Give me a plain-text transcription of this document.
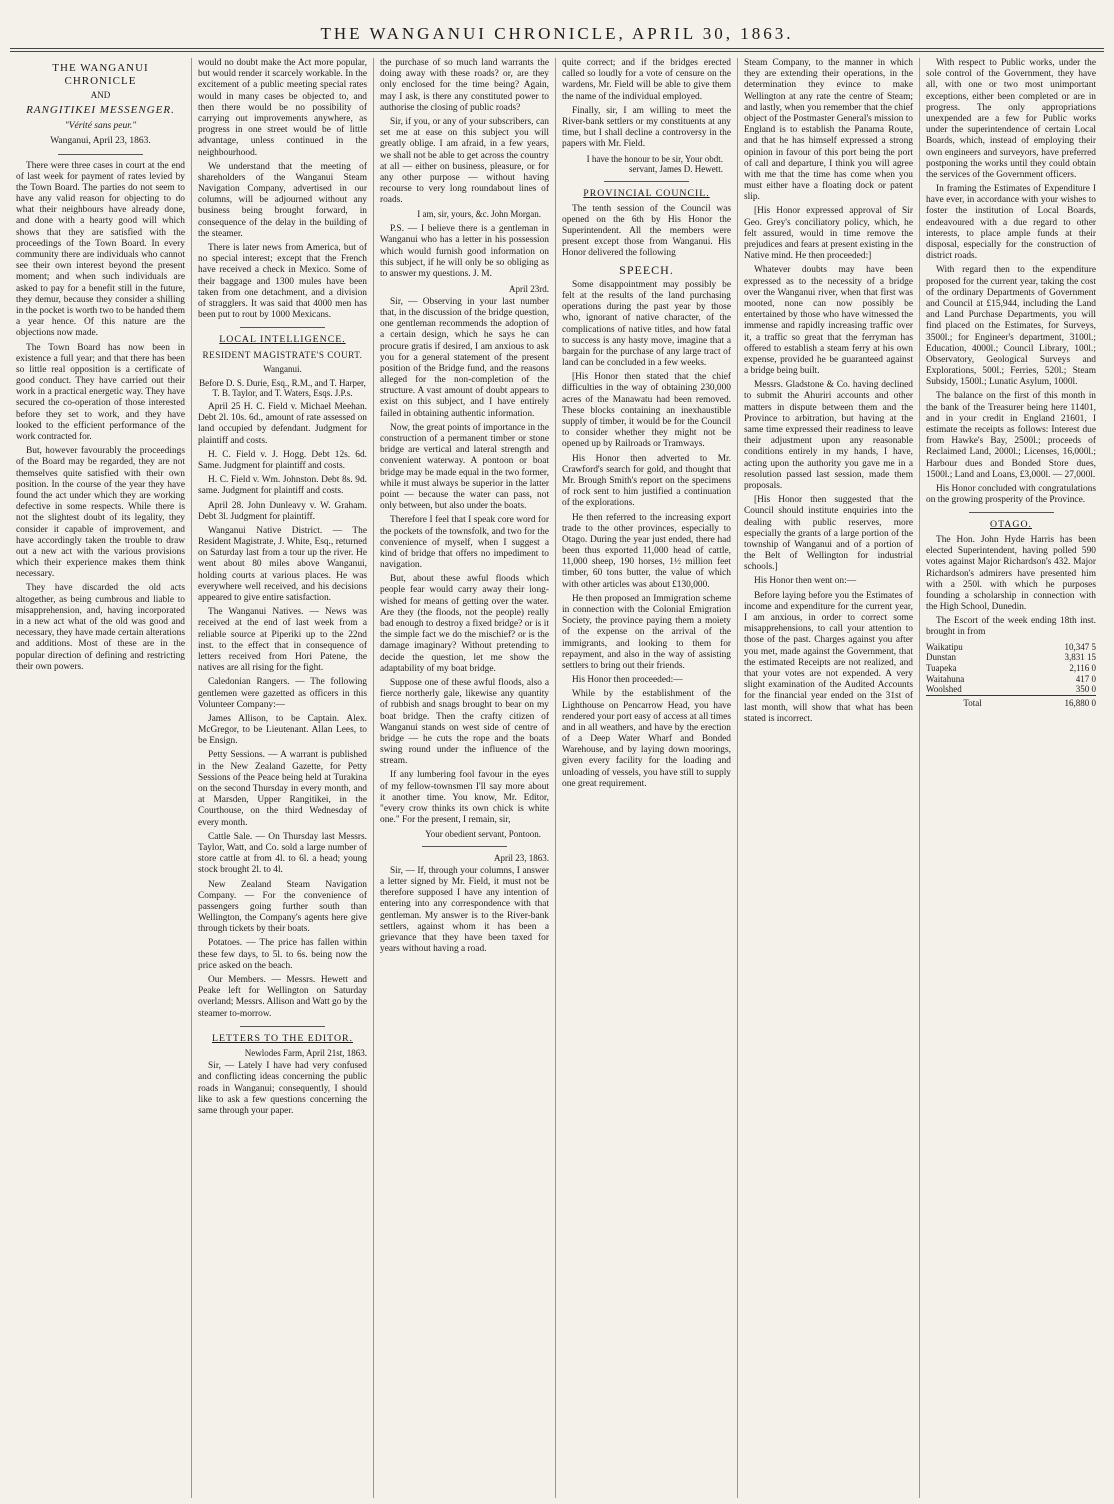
THE WANGANUI CHRONICLE, APRIL 30, 1863.
THE WANGANUI CHRONICLE
AND
RANGITIKEI MESSENGER.
"Vérité sans peur."
Wanganui, April 23, 1863.

There were three cases in court at the end of last week for payment of rates levied by the Town Board. The parties do not seem to have any valid reason for objecting to do what their neighbours have already done, and done with a hearty good will which shows that they are satisfied with the proceedings of the Town Board. In every community there are individuals who cannot see their own interest beyond the present moment; and when such individuals are asked to pay for a benefit still in the future, they demur, because they consider a shilling in the pocket is worth two to be handed them a year hence. Of this nature are the objections now made.

The Town Board has now been in existence a full year; and that there has been so little real opposition is a certificate of good conduct. They have carried out their work in a practical energetic way. They have secured the co-operation of those interested before they set to work, and they have looked to the efficient performance of the work contracted for.

But, however favourably the proceedings of the Board may be regarded, they are not themselves quite satisfied with their own position. In the course of the year they have found the act under which they are working defective in some respects. While there is not the slightest doubt of its legality, they consider it capable of improvement, and have accordingly taken the trouble to draw out a new act with the various provisions which their experience makes them think necessary.

They have discarded the old acts altogether, as being cumbrous and liable to misapprehension, and, having incorporated in a new act what of the old was good and necessary, they have made certain alterations and additions. Most of these are in the popular direction of defining and restricting their own powers.

would no doubt make the Act more popular, but would render it scarcely workable. In the excitement of a public meeting special rates would in many cases be objected to, and then there would be no possibility of carrying out improvements anywhere, as progress in one street would be of little advantage, unless continued in the neighbourhood.

We understand that the meeting of shareholders of the Wanganui Steam Navigation Company, advertised in our columns, will be adjourned without any business being brought forward, in consequence of the delay in the building of the steamer.

There is later news from America, but of no special interest; except that the French have received a check in Mexico. Some of their baggage and 1300 mules have been taken from one detachment, and a division of stragglers. It was said that 4000 men has been put to rout by 1000 Mexicans.

LOCAL INTELLIGENCE.
RESIDENT MAGISTRATE'S COURT.
Wanganui.
Before D. S. Durie, Esq., R.M., and T. Harper, T. B. Taylor, and T. Waters, Esqs. J.P.s.

April 25 H. C. Field v. Michael Meehan. Debt 2l. 10s. 6d., amount of rate assessed on land occupied by defendant. Judgment for plaintiff and costs.

H. C. Field v. J. Hogg. Debt 12s. 6d. Same. Judgment for plaintiff and costs.

H. C. Field v. Wm. Johnston. Debt 8s. 9d. same. Judgment for plaintiff and costs.

April 28. John Dunleavy v. W. Graham. Debt 3l. Judgment for plaintiff.

Wanganui Native District. — The Resident Magistrate, J. White, Esq., returned on Saturday last from a tour up the river. He went about 80 miles above Wanganui, holding courts at various places. He was everywhere well received, and his decisions appeared to give entire satisfaction.

The Wanganui Natives. — News was received at the end of last week from a reliable source at Piperiki up to the 22nd inst. to the effect that in consequence of letters received from Hori Patene, the natives are all rising for the fight.

Caledonian Rangers. — The following gentlemen were gazetted as officers in this Volunteer Company:—

James Allison, to be Captain. Alex. McGregor, to be Lieutenant. Allan Lees, to be Ensign.

Petty Sessions. — A warrant is published in the New Zealand Gazette, for Petty Sessions of the Peace being held at Turakina on the second Thursday in every month, and at Marsden, Upper Rangitikei, in the Courthouse, on the third Wednesday of every month.

Cattle Sale. — On Thursday last Messrs. Taylor, Watt, and Co. sold a large number of store cattle at from 4l. to 6l. a head; young stock brought 2l. to 4l.

New Zealand Steam Navigation Company. — For the convenience of passengers going further south than Wellington, the Company's agents here give through tickets by their boats.

Potatoes. — The price has fallen within these few days, to 5l. to 6s. being now the price asked on the beach.

Our Members. — Messrs. Hewett and Peake left for Wellington on Saturday overland; Messrs. Allison and Watt go by the steamer to-morrow.

LETTERS TO THE EDITOR.
Newlodes Farm, April 21st, 1863.

Sir, — Lately I have had very confused and conflicting ideas concerning the public roads in Wanganui; consequently, I should like to ask a few questions concerning the same through your paper.

the purchase of so much land warrants the doing away with these roads? or, are they only enclosed for the time being? Again, may I ask, is there any constituted power to authorise the closing of public roads?

Sir, if you, or any of your subscribers, can set me at ease on this subject you will greatly oblige. I am afraid, in a few years, we shall not be able to get across the country at all — either on business, pleasure, or for any other purpose — without having recourse to very long roundabout lines of roads.

I am, sir, yours, &c. John Morgan.

P.S. — I believe there is a gentleman in Wanganui who has a letter in his possession which would furnish good information on this subject, if he will only be so obliging as to answer my questions. J. M.

April 23rd.

Sir, — Observing in your last number that, in the discussion of the bridge question, one gentleman recommends the adoption of a certain design, which he says he can procure gratis if desired, I am anxious to ask you for a general statement of the present position of the Bridge fund, and the reasons alleged for the non-completion of the structure. A vast amount of doubt appears to exist on this subject, and I have entirely failed in obtaining authentic information.

Now, the great points of importance in the construction of a permanent timber or stone bridge are vertical and lateral strength and convenient waterway. A pontoon or boat bridge may be made equal in the two former, while it must always be superior in the latter point — because the water can pass, not only between, but also under the boats.

Therefore I feel that I speak core word for the pockets of the townsfolk, and two for the convenience of myself, when I suggest a kind of bridge that offers no impediment to navigation.

But, about these awful floods which people fear would carry away their long-wished for means of getting over the water. Are they (the floods, not the people) really bad enough to destroy a fixed bridge? or is it the simple fact we do the mischief? or is the damage imaginary? Without pretending to decide the question, let me show the adaptability of my boat bridge.

Suppose one of these awful floods, also a fierce northerly gale, likewise any quantity of rubbish and snags brought to bear on my boat bridge. Then the crafty citizen of Wanganui stands on west side of centre of bridge — he cuts the rope and the boats swing round under the influence of the stream.

If any lumbering fool favour in the eyes of my fellow-townsmen I'll say more about it another time. You know, Mr. Editor, "every crow thinks its own chick is white one." For the present, I remain, sir,

Your obedient servant, Pontoon.
April 23, 1863.

Sir, — If, through your columns, I answer a letter signed by Mr. Field, it must not be therefore supposed I have any intention of entering into any correspondence with that gentleman. My answer is to the River-bank settlers, against whom it has been a grievance that they have been taxed for years without having a road.

quite correct; and if the bridges erected called so loudly for a vote of censure on the wardens, Mr. Field will be able to give them the name of the individual employed.

Finally, sir, I am willing to meet the River-bank settlers or my constituents at any time, but I shall decline a controversy in the papers with Mr. Field.

I have the honour to be sir, Your obdt. servant, James D. Hewett.
PROVINCIAL COUNCIL.

The tenth session of the Council was opened on the 6th by His Honor the Superintendent. All the members were present except those from Wanganui. His Honor delivered the following

SPEECH.

Some disappointment may possibly be felt at the results of the land purchasing operations during the past year by those who, ignorant of native character, of the complications of native titles, and how fatal to success is any hasty move, imagine that a bargain for the purchase of any large tract of land can be concluded in a few weeks.

[His Honor then stated that the chief difficulties in the way of obtaining 230,000 acres of the Manawatu had been removed. These blocks containing an inexhaustible supply of timber, it would be for the Council to consider whether they might not be opened up by Railroads or Tramways.

His Honor then adverted to Mr. Crawford's search for gold, and thought that Mr. Brough Smith's report on the specimens of rock sent to him justified a continuation of the explorations.

He then referred to the increasing export trade to the other provinces, especially to Otago. During the year just ended, there had been thus exported 11,000 head of cattle, 11,000 sheep, 190 horses, 1½ million feet timber, 60 tons butter, the value of which with other articles was about £130,000.

He then proposed an Immigration scheme in connection with the Colonial Emigration Society, the province paying them a moiety of the expense on the arrival of the immigrants, and looking to them for repayment, and also in the way of assisting settlers to bring out their friends.

His Honor then proceeded:—

While by the establishment of the Lighthouse on Pencarrow Head, you have rendered your port easy of access at all times and in all weathers, and have by the erection of a Deep Water Wharf and Bonded Warehouse, and by laying down moorings, given every facility for the loading and unloading of vessels, you have still to supply one great requirement.

Steam Company, to the manner in which they are extending their operations, in the determination they evince to make Wellington at any rate the centre of Steam; and lastly, when you remember that the chief object of the Postmaster General's mission to England is to establish the Panama Route, and that he has himself expressed a strong opinion in favour of this port being the port of call and departure, I think you will agree with me that the time has come when you must either have a floating dock or patent slip.

[His Honor expressed approval of Sir Geo. Grey's conciliatory policy, which, he felt assured, would in time remove the prejudices and fears at present existing in the Native mind. He then proceeded:]

Whatever doubts may have been expressed as to the necessity of a bridge over the Wanganui river, when that first was mooted, none can now possibly be entertained by those who have witnessed the immense and rapidly increasing traffic over it, a traffic so great that the ferryman has offered to establish a steam ferry at his own expense, provided he be guaranteed against a bridge being built.

Messrs. Gladstone & Co. having declined to submit the Ahuriri accounts and other matters in dispute between them and the Province to arbitration, but having at the same time expressed their readiness to leave their adjustment upon any reasonable conditions entirely in my hands, I have, acting upon the authority you gave me in a resolution passed last session, made them proposals.

[His Honor then suggested that the Council should institute enquiries into the dealing with public reserves, more especially the grants of a large portion of the township of Wanganui and of a portion of the Belt of Wellington for industrial schools.]

His Honor then went on:—

Before laying before you the Estimates of income and expenditure for the current year, I am anxious, in order to correct some misapprehensions, to call your attention to those of the past. Charges against you after you met, made against the Government, that the estimated Receipts are not realized, and that your votes are not expended. A very slight examination of the Audited Accounts for the financial year ended on the 31st of last month, will show that what has been stated is incorrect.

With respect to Public works, under the sole control of the Government, they have all, with one or two most unimportant exceptions, either been completed or are in progress. The only appropriations unexpended are a few for Public works under the superintendence of certain Local Boards, which, instead of employing their own engineers and surveyors, have preferred postponing the works until they could obtain the services of the Government officers.

In framing the Estimates of Expenditure I have ever, in accordance with your wishes to foster the institution of Local Boards, endeavoured with a due regard to other interests, to place ample funds at their disposal, especially for the construction of district roads.

With regard then to the expenditure proposed for the current year, taking the cost of the ordinary Departments of Government and Council at £15,944, including the Land and Land Purchase Departments, you will find placed on the Estimates, for Surveys, 3500l.; for Engineer's department, 3100l.; Education, 4000l.; Council Library, 100l.; Observatory, Geological Surveys and Explorations, 500l.; Ferries, 520l.; Steam Subsidy, 1500l.; Lunatic Asylum, 1000l.

The balance on the first of this month in the bank of the Treasurer being here 11401, and in your credit in England 21601, I estimate the receipts as follows: Interest due from Hawke's Bay, 2500l.; proceeds of Reclaimed Land, 2000l.; Licenses, 16,000l.; Harbour dues and Bonded Store dues, 1500l.; Land and Loans, £3,000l. — 27,000l.

His Honor concluded with congratulations on the growing prosperity of the Province.

OTAGO.

The Hon. John Hyde Harris has been elected Superintendent, having polled 590 votes against Major Richardson's 432. Major Richardson's admirers have presented him with a 250l. with which he purposes founding a scholarship in connection with the High School, Dunedin.

The Escort of the week ending 18th inst. brought in from

Waikatipu	10,347 5
Dunstan	3,831 15
Tuapeka	2,116 0
Waitahuna	417 0
Woolshed	350 0
Total	16,880 0
